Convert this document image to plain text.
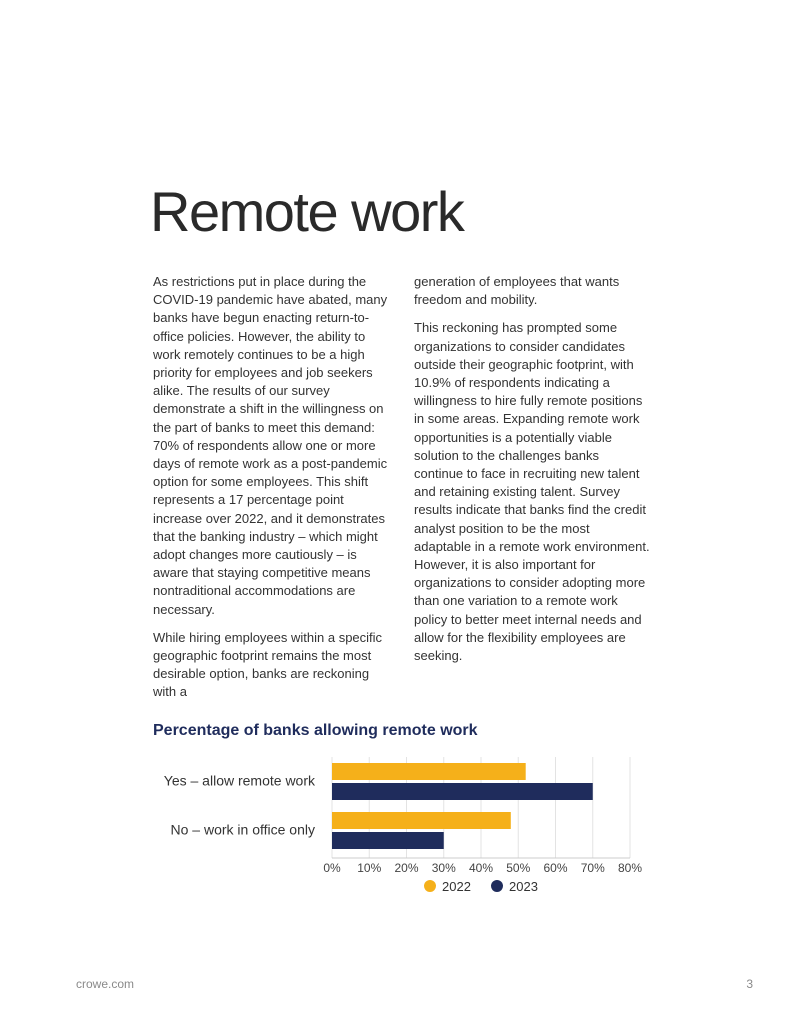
Remote work

As restrictions put in place during the COVID-19 pandemic have abated, many banks have begun enacting return-to-office policies. However, the ability to work remotely continues to be a high priority for employees and job seekers alike. The results of our survey demonstrate a shift in the willingness on the part of banks to meet this demand: 70% of respondents allow one or more days of remote work as a post-pandemic option for some employees. This shift represents a 17 percentage point increase over 2022, and it demonstrates that the banking industry – which might adopt changes more cautiously – is aware that staying competitive means nontraditional accommodations are necessary.

While hiring employees within a specific geographic footprint remains the most desirable option, banks are reckoning with a

generation of employees that wants freedom and mobility.

This reckoning has prompted some organizations to consider candidates outside their geographic footprint, with 10.9% of respondents indicating a willingness to hire fully remote positions in some areas. Expanding remote work opportunities is a potentially viable solution to the challenges banks continue to face in recruiting new talent and retaining existing talent. Survey results indicate that banks find the credit analyst position to be the most adaptable in a remote work environment. However, it is also important for organizations to consider adopting more than one variation to a remote work policy to better meet internal needs and allow for the flexibility employees are seeking.

Percentage of banks allowing remote work
0% 10% 20% 30% 40% 50% 60% 70% 80%
Yes – allow remote work
No – work in office only
2022	2023
crowe.com	3
